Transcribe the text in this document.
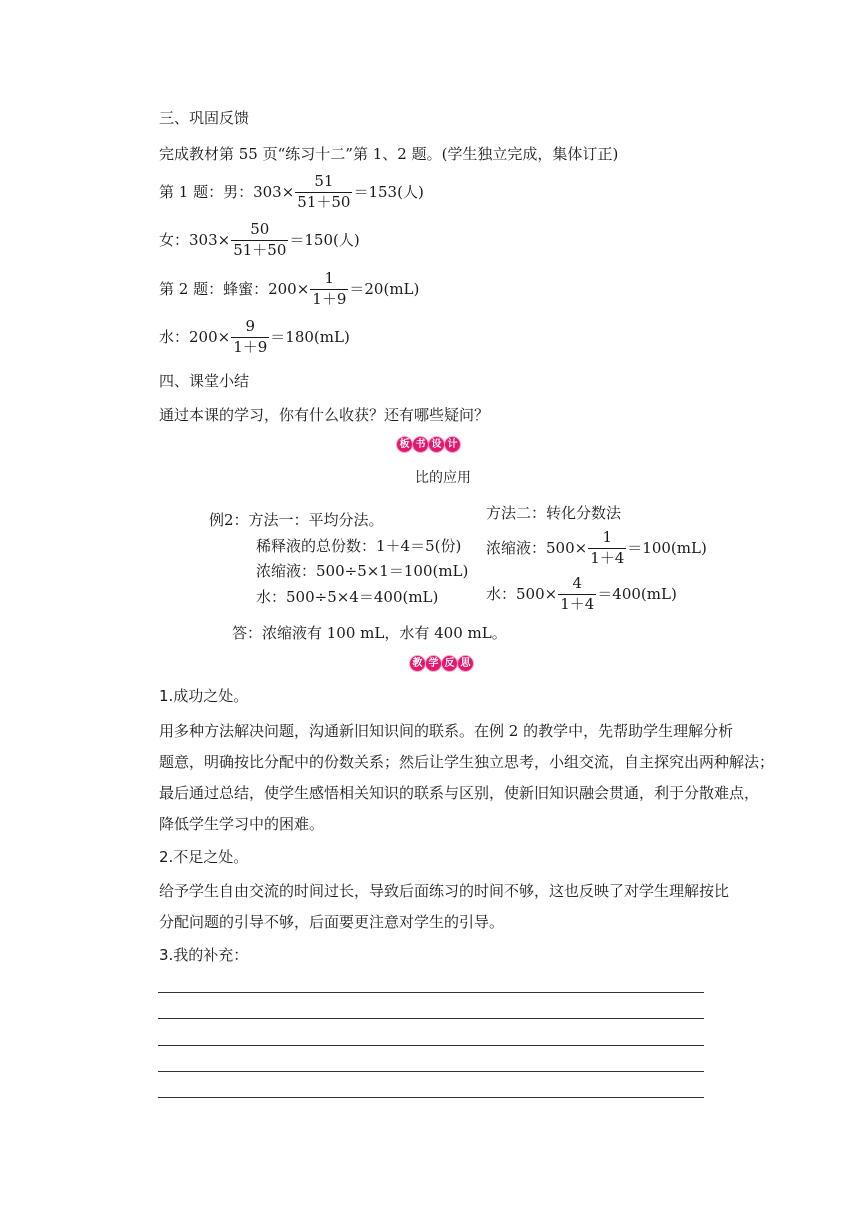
三、巩固反馈
完成教材第 55 页“练习十二”第 1、2 题。(学生独立完成，集体订正)
第 1 题：男：$303\times \frac{51}{51+50} =153$(人)
女：$303\times \frac{50}{51+50} =150$(人)
第 2 题：蜂蜜：$200\times \frac{1}{1+9} =20(mL)$
水：$200\times \frac{9}{1+9} =180(mL)$
四、课堂小结
通过本课的学习，你有什么收获？还有哪些疑问？
板 书 设 计
比的应用
例2：方法一：平均分法。
稀释液的总份数：1＋4＝5(份)
浓缩液：500÷5×1＝100(mL)
水：500÷5×4＝400(mL)
方法二：转化分数法
浓缩液：$500\times \frac{1}{1+4} =100(mL)$
水：$500\times \frac{4}{1+4} =400(mL)$
答：浓缩液有 100 mL，水有 400 mL。
教 学 反 思
1.成功之处。
用多种方法解决问题，沟通新旧知识间的联系。在例 2 的教学中，先帮助学生理解分析
题意，明确按比分配中的份数关系；然后让学生独立思考，小组交流，自主探究出两种解法；
最后通过总结，使学生感悟相关知识的联系与区别，使新旧知识融会贯通，利于分散难点，
降低学生学习中的困难。
2.不足之处。
给予学生自由交流的时间过长，导致后面练习的时间不够，这也反映了对学生理解按比
分配问题的引导不够，后面要更注意对学生的引导。
3.我的补充：
